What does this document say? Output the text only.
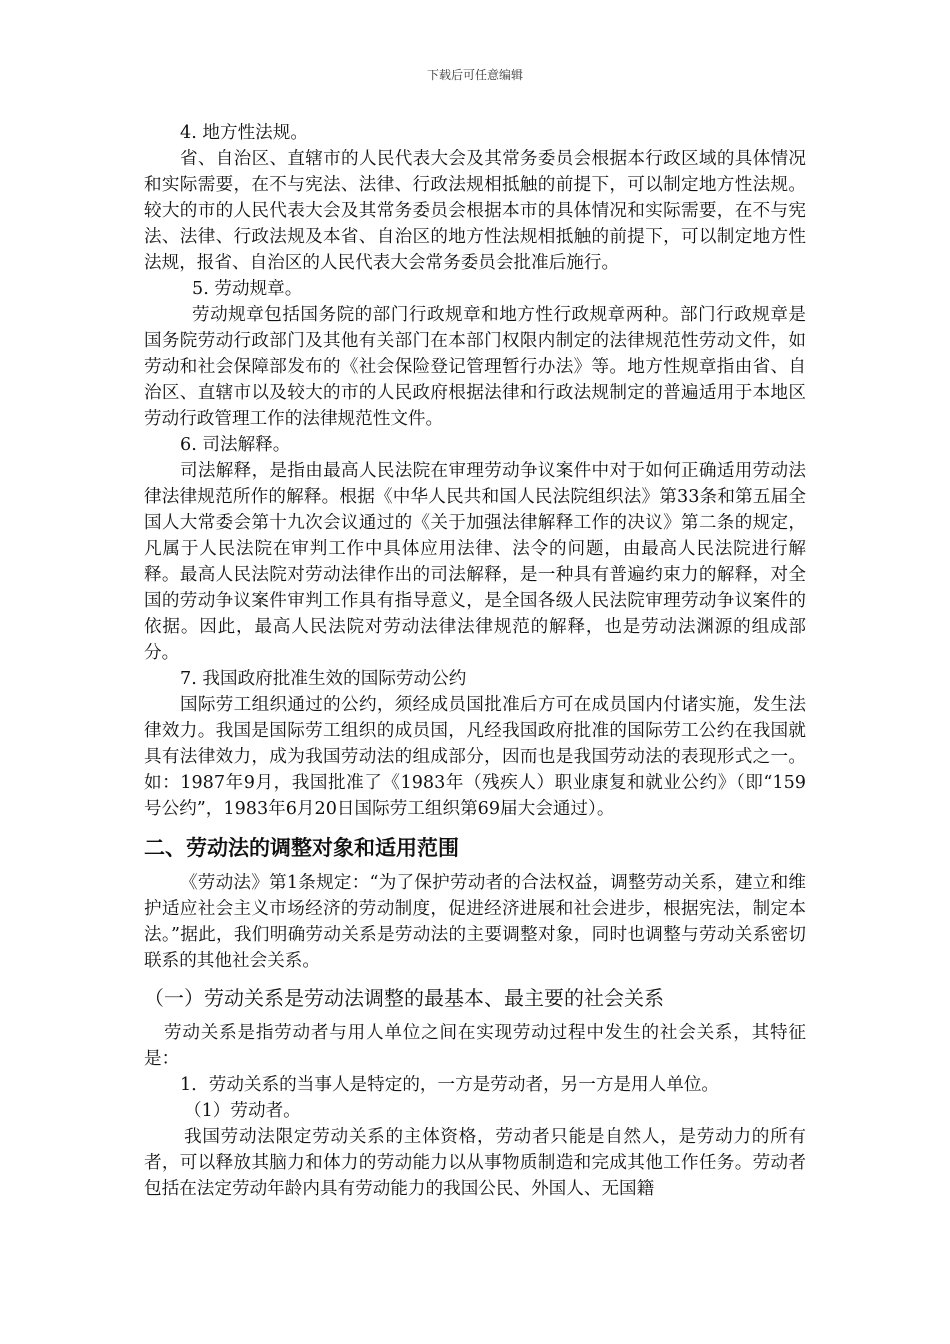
下载后可任意编辑

4. 地方性法规。

省、自治区、直辖市的人民代表大会及其常务委员会根据本行政区域的具体情况和实际需要，在不与宪法、法律、行政法规相抵触的前提下，可以制定地方性法规。较大的市的人民代表大会及其常务委员会根据本市的具体情况和实际需要，在不与宪法、法律、行政法规及本省、自治区的地方性法规相抵触的前提下，可以制定地方性法规，报省、自治区的人民代表大会常务委员会批准后施行。

5. 劳动规章。

劳动规章包括国务院的部门行政规章和地方性行政规章两种。部门行政规章是国务院劳动行政部门及其他有关部门在本部门权限内制定的法律规范性劳动文件，如劳动和社会保障部发布的《社会保险登记管理暂行办法》等。地方性规章指由省、自治区、直辖市以及较大的市的人民政府根据法律和行政法规制定的普遍适用于本地区劳动行政管理工作的法律规范性文件。

6. 司法解释。

司法解释，是指由最高人民法院在审理劳动争议案件中对于如何正确适用劳动法律法律规范所作的解释。根据《中华人民共和国人民法院组织法》第33条和第五届全国人大常委会第十九次会议通过的《关于加强法律解释工作的决议》第二条的规定，凡属于人民法院在审判工作中具体应用法律、法令的问题，由最高人民法院进行解释。最高人民法院对劳动法律作出的司法解释，是一种具有普遍约束力的解释，对全国的劳动争议案件审判工作具有指导意义，是全国各级人民法院审理劳动争议案件的依据。因此，最高人民法院对劳动法律法律规范的解释，也是劳动法渊源的组成部分。

7. 我国政府批准生效的国际劳动公约

国际劳工组织通过的公约，须经成员国批准后方可在成员国内付诸实施，发生法律效力。我国是国际劳工组织的成员国，凡经我国政府批准的国际劳工公约在我国就具有法律效力，成为我国劳动法的组成部分，因而也是我国劳动法的表现形式之一。如：1987年9月，我国批准了《1983年（残疾人）职业康复和就业公约》（即“159号公约”，1983年6月20日国际劳工组织第69届大会通过）。

二、劳动法的调整对象和适用范围

《劳动法》第1条规定：“为了保护劳动者的合法权益，调整劳动关系，建立和维护适应社会主义市场经济的劳动制度，促进经济进展和社会进步，根据宪法，制定本法。”据此，我们明确劳动关系是劳动法的主要调整对象，同时也调整与劳动关系密切联系的其他社会关系。

（一）劳动关系是劳动法调整的最基本、最主要的社会关系

劳动关系是指劳动者与用人单位之间在实现劳动过程中发生的社会关系，其特征是：

1．劳动关系的当事人是特定的，一方是劳动者，另一方是用人单位。

（1）劳动者。

我国劳动法限定劳动关系的主体资格，劳动者只能是自然人，是劳动力的所有者，可以释放其脑力和体力的劳动能力以从事物质制造和完成其他工作任务。劳动者包括在法定劳动年龄内具有劳动能力的我国公民、外国人、无国籍
